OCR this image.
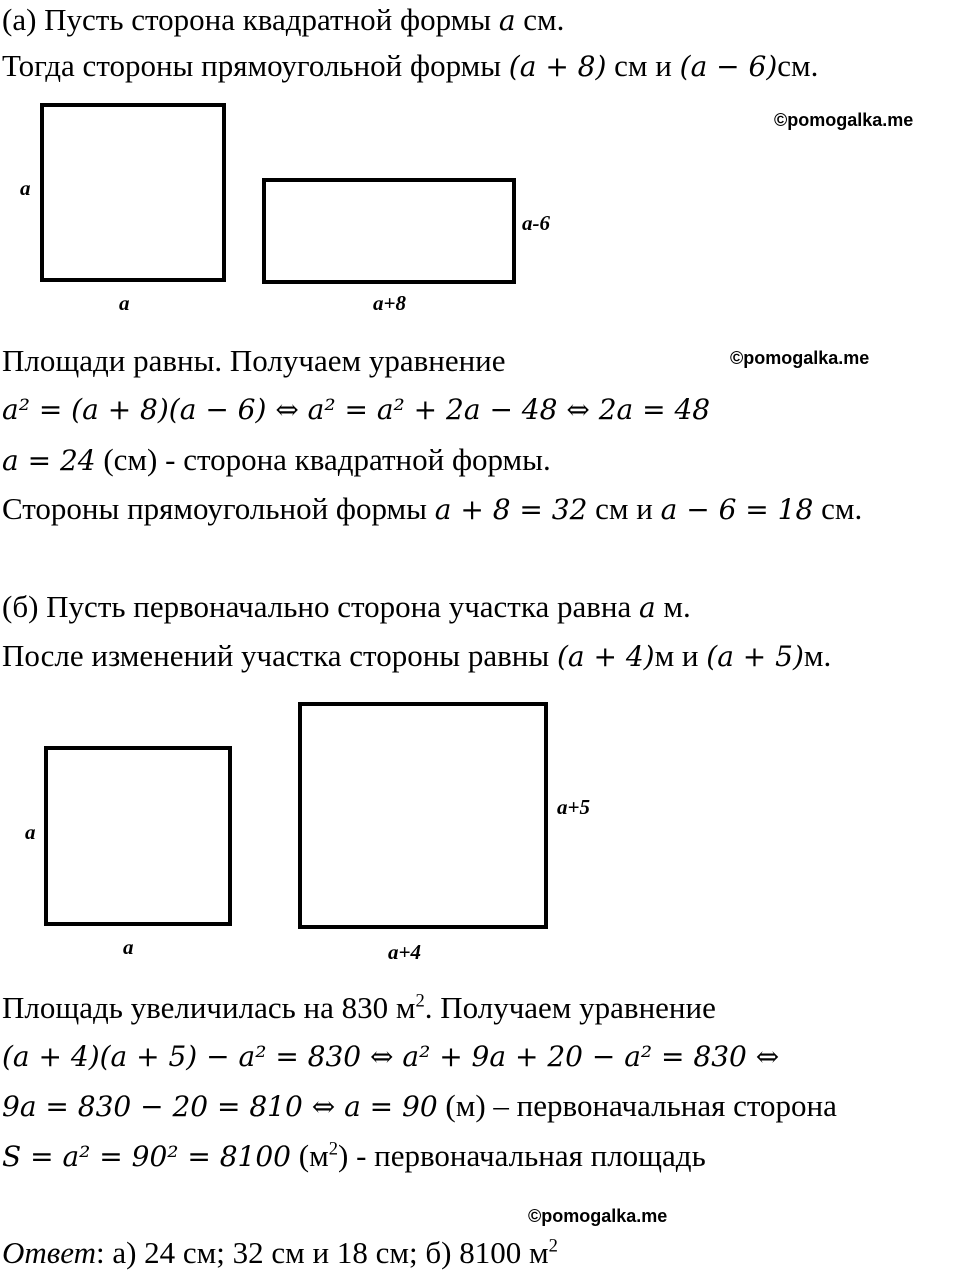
(а) Пусть сторона квадратной формы a см.
Тогда стороны прямоугольной формы (a + 8) см и (a − 6)см.
©pomogalka.me
a
a
a-6
a+8
Площади равны. Получаем уравнение	©pomogalka.me
a² = (a + 8)(a − 6) ⇔ a² = a² + 2a − 48 ⇔ 2a = 48
a = 24 (см) - сторона квадратной формы.
Стороны прямоугольной формы a + 8 = 32 см и a − 6 = 18 см.
(б) Пусть первоначально сторона участка равна a м.
После изменений участка стороны равны (a + 4)м и (a + 5)м.
a
a
a+5
a+4
Площадь увеличилась на 830 $м^2$. Получаем уравнение
(a + 4)(a + 5) − a² = 830 ⇔ a² + 9a + 20 − a² = 830 ⇔
9a = 830 − 20 = 810 ⇔ a = 90 (м) – первоначальная сторона
S = a² = 90² = 8100 $(м^2)$ - первоначальная площадь
©pomogalka.me
Ответ: а) 24 см; 32 см и 18 см; б) 8100 $м^2$
